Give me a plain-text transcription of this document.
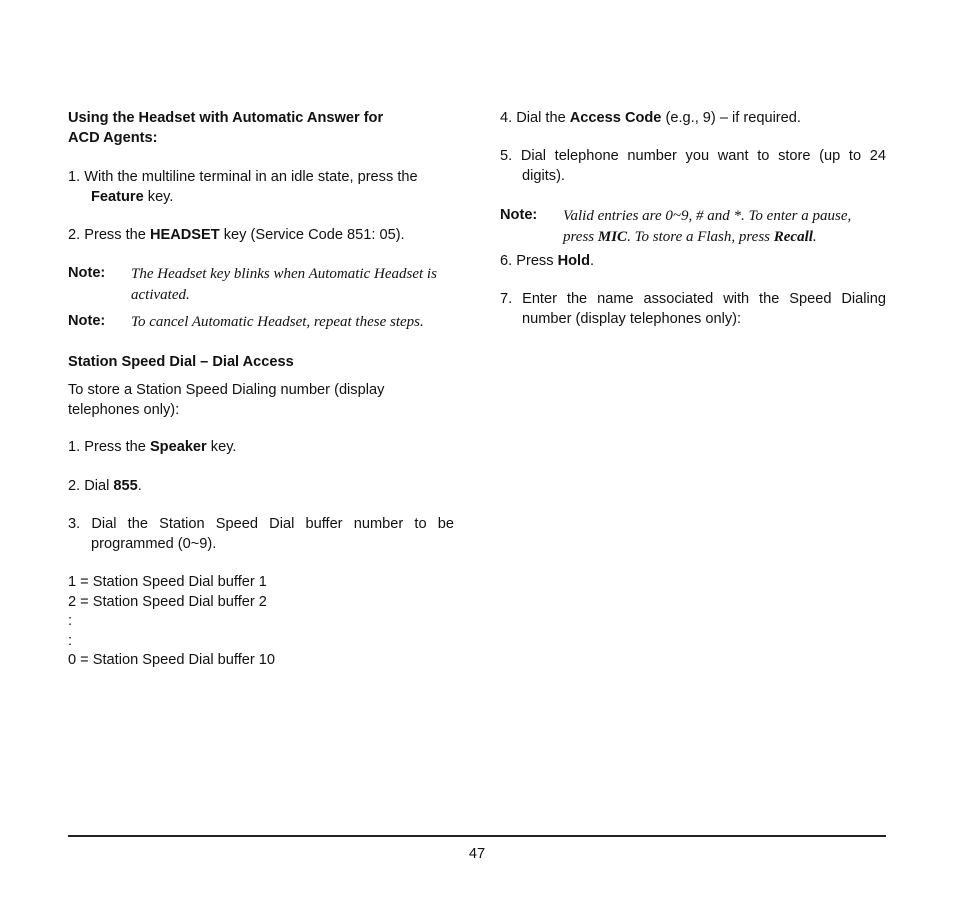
Using the Headset with Automatic Answer for
ACD Agents:
1. With the multiline terminal in an idle state, press the
Feature key.
2. Press the HEADSET key (Service Code 851: 05).
Note: The Headset key blinks when Automatic Headset is
activated.
Note: To cancel Automatic Headset, repeat these steps.
Station Speed Dial – Dial Access
To store a Station Speed Dialing number (display
telephones only):
1. Press the Speaker key.
2. Dial 855.
3. Dial the Station Speed Dial buffer number to be
programmed (0~9).
1 = Station Speed Dial buffer 1
2 = Station Speed Dial buffer 2
:
:
0 = Station Speed Dial buffer 10
4. Dial the Access Code (e.g., 9) – if required.
5. Dial telephone number you want to store (up to 24
digits).
Note: Valid entries are 0~9, # and *. To enter a pause,
press MIC. To store a Flash, press Recall.
6. Press Hold.
7. Enter the name associated with the Speed Dialing
number (display telephones only):
47
